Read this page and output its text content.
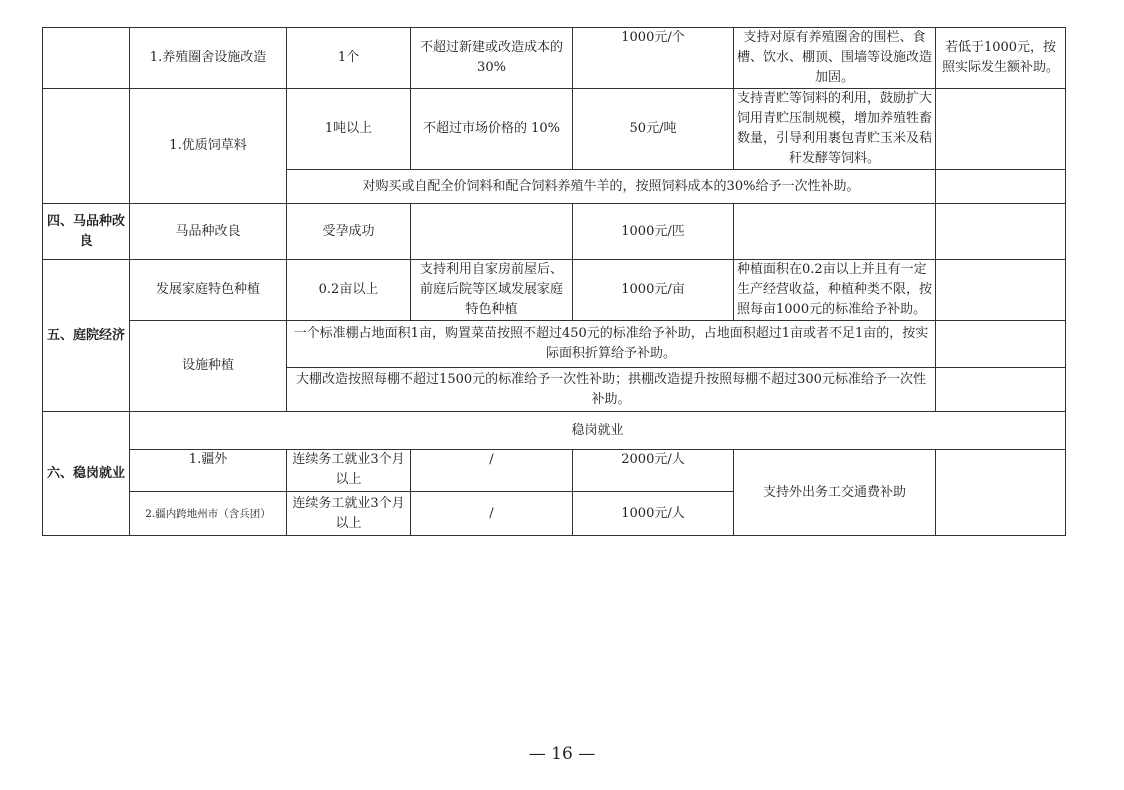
	1.养殖圈舍设施改造	1个	不超过新建或改造成本的30%	1000元/个	支持对原有养殖圈舍的围栏、食槽、饮水、棚顶、围墙等设施改造加固。	若低于1000元，按照实际发生额补助。
	1.优质饲草料	1吨以上	不超过市场价格的 10%	50元/吨	支持青贮等饲料的利用，鼓励扩大饲用青贮压制规模，增加养殖牲畜数量，引导利用裹包青贮玉米及秸秆发酵等饲料。	
		对购买或自配全价饲料和配合饲料养殖牛羊的，按照饲料成本的30%给予一次性补助。				
四、马品种改良	马品种改良	受孕成功		1000元/匹		
五、庭院经济	发展家庭特色种植	0.2亩以上	支持利用自家房前屋后、前庭后院等区域发展家庭特色种植	1000元/亩	种植面积在0.2亩以上并且有一定生产经营收益，种植种类不限，按照每亩1000元的标准给予补助。	
	设施种植	一个标准棚占地面积1亩，购置菜苗按照不超过450元的标准给予补助，占地面积超过1亩或者不足1亩的，按实际面积折算给予补助。				
		大棚改造按照每棚不超过1500元的标准给予一次性补助；拱棚改造提升按照每棚不超过300元标准给予一次性补助。				
六、稳岗就业	稳岗就业					
	1.疆外	连续务工就业3个月以上	/	2000元/人	支持外出务工交通费补助	
	2.疆内跨地州市（含兵团）	连续务工就业3个月以上	/	1000元/人		
— 16 —
